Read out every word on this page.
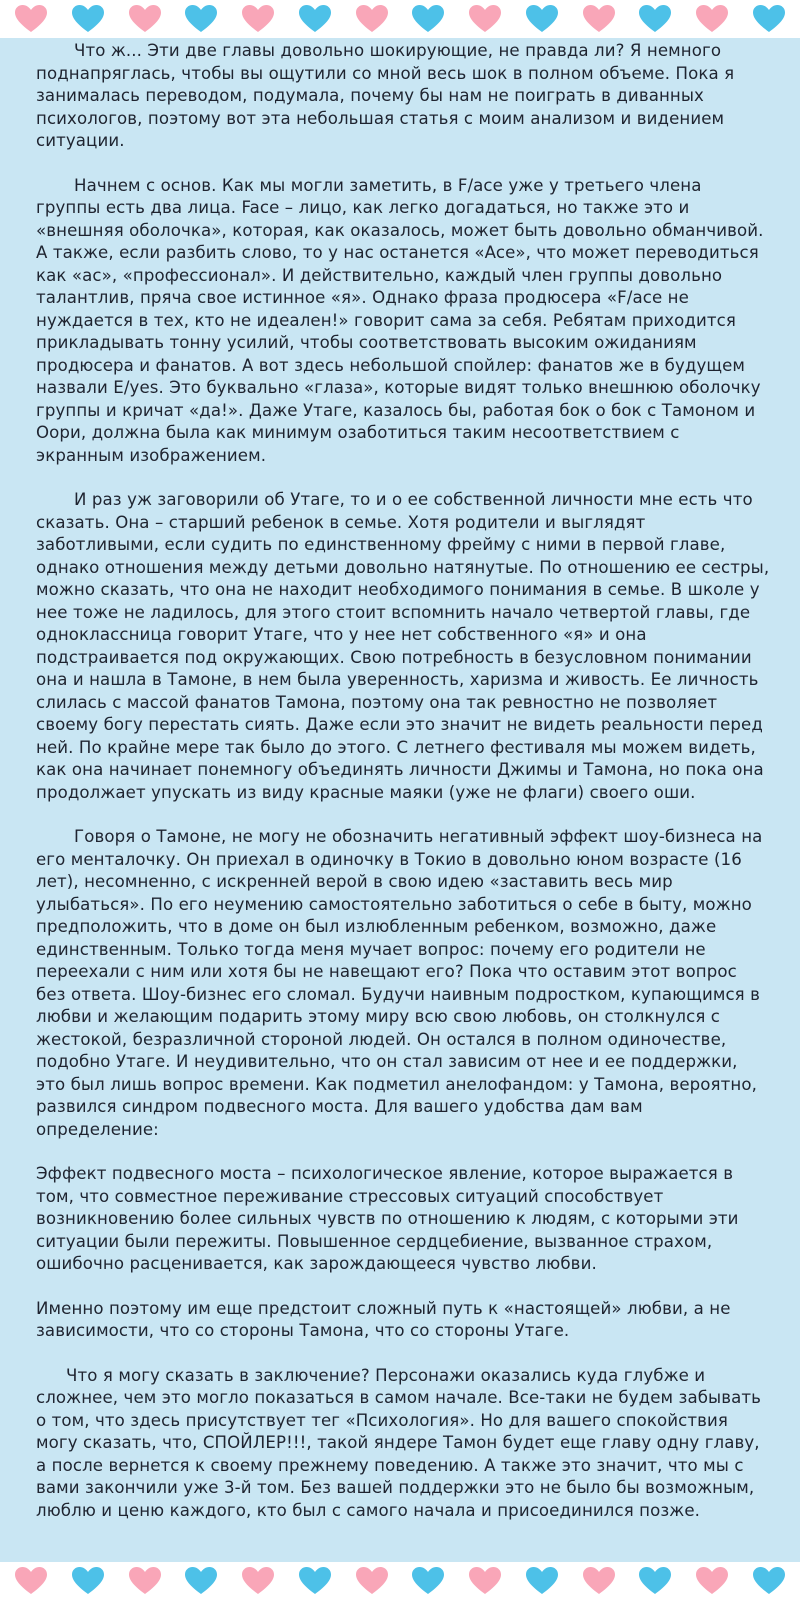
Что ж... Эти две главы довольно шокирующие, не правда ли? Я немного поднапряглась, чтобы вы ощутили со мной весь шок в полном объеме. Пока я занималась переводом, подумала, почему бы нам не поиграть в диванных психологов, поэтому вот эта небольшая статья с моим анализом и видением ситуации.

Начнем с основ. Как мы могли заметить, в F/ace уже у третьего члена группы есть два лица. Face – лицо, как легко догадаться, но также это и «внешняя оболочка», которая, как оказалось, может быть довольно обманчивой. А также, если разбить слово, то у нас останется «Ace», что может переводиться как «ас», «профессионал». И действительно, каждый член группы довольно талантлив, пряча свое истинное «я». Однако фраза продюсера «F/ace не нуждается в тех, кто не идеален!» говорит сама за себя. Ребятам приходится прикладывать тонну усилий, чтобы соответствовать высоким ожиданиям продюсера и фанатов. А вот здесь небольшой спойлер: фанатов же в будущем назвали E/yes. Это буквально «глаза», которые видят только внешнюю оболочку группы и кричат «да!». Даже Утаге, казалось бы, работая бок о бок с Тамоном и Оори, должна была как минимум озаботиться таким несоответствием с экранным изображением.

И раз уж заговорили об Утаге, то и о ее собственной личности мне есть что сказать. Она – старший ребенок в семье. Хотя родители и выглядят заботливыми, если судить по единственному фрейму с ними в первой главе, однако отношения между детьми довольно натянутые. По отношению ее сестры, можно сказать, что она не находит необходимого понимания в семье. В школе у нее тоже не ладилось, для этого стоит вспомнить начало четвертой главы, где одноклассница говорит Утаге, что у нее нет собственного «я» и она подстраивается под окружающих. Свою потребность в безусловном понимании она и нашла в Тамоне, в нем была уверенность, харизма и живость. Ее личность слилась с массой фанатов Тамона, поэтому она так ревностно не позволяет своему богу перестать сиять. Даже если это значит не видеть реальности перед ней. По крайне мере так было до этого. С летнего фестиваля мы можем видеть, как она начинает понемногу объединять личности Джимы и Тамона, но пока она продолжает упускать из виду красные маяки (уже не флаги) своего оши.

Говоря о Тамоне, не могу не обозначить негативный эффект шоу-бизнеса на его менталочку. Он приехал в одиночку в Токио в довольно юном возрасте (16 лет), несомненно, с искренней верой в свою идею «заставить весь мир улыбаться». По его неумению самостоятельно заботиться о себе в быту, можно предположить, что в доме он был излюбленным ребенком, возможно, даже единственным. Только тогда меня мучает вопрос: почему его родители не переехали с ним или хотя бы не навещают его? Пока что оставим этот вопрос без ответа. Шоу-бизнес его сломал. Будучи наивным подростком, купающимся в любви и желающим подарить этому миру всю свою любовь, он столкнулся с жестокой, безразличной стороной людей. Он остался в полном одиночестве, подобно Утаге. И неудивительно, что он стал зависим от нее и ее поддержки, это был лишь вопрос времени. Как подметил анелофандом: у Тамона, вероятно, развился синдром подвесного моста. Для вашего удобства дам вам определение:

Эффект подвесного моста – психологическое явление, которое выражается в том, что совместное переживание стрессовых ситуаций способствует возникновению более сильных чувств по отношению к людям, с которыми эти ситуации были пережиты. Повышенное сердцебиение, вызванное страхом, ошибочно расценивается, как зарождающееся чувство любви.

Именно поэтому им еще предстоит сложный путь к «настоящей» любви, а не зависимости, что со стороны Тамона, что со стороны Утаге.

Что я могу сказать в заключение? Персонажи оказались куда глубже и сложнее, чем это могло показаться в самом начале. Все-таки не будем забывать о том, что здесь присутствует тег «Психология». Но для вашего спокойствия могу сказать, что, СПОЙЛЕР!!!, такой яндере Тамон будет еще главу одну главу, а после вернется к своему прежнему поведению. А также это значит, что мы с вами закончили уже 3-й том. Без вашей поддержки это не было бы возможным, люблю и ценю каждого, кто был с самого начала и присоединился позже.
